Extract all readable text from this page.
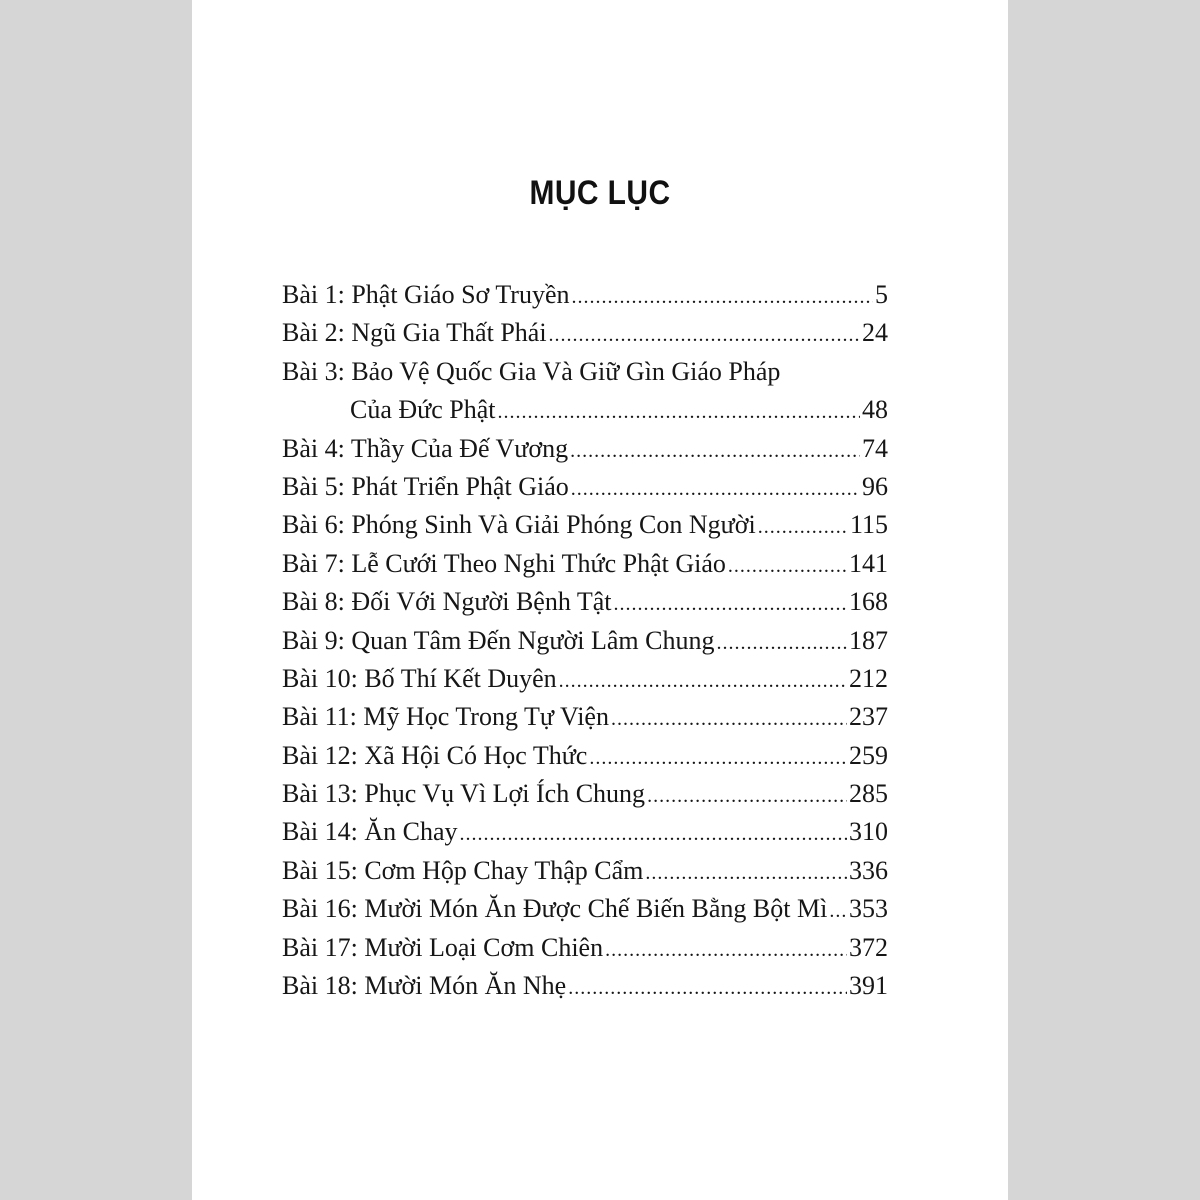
MỤC LỤC
Bài 1: Phật Giáo Sơ Truyền .....	5
Bài 2: Ngũ Gia Thất Phái .....	24
Bài 3: Bảo Vệ Quốc Gia Và Giữ Gìn Giáo Pháp
Của Đức Phật .....	48
Bài 4: Thầy Của Đế Vương .....	74
Bài 5: Phát Triển Phật Giáo .....	96
Bài 6: Phóng Sinh Và Giải Phóng Con Người .....	115
Bài 7: Lễ Cưới Theo Nghi Thức Phật Giáo .....	141
Bài 8: Đối Với Người Bệnh Tật .....	168
Bài 9: Quan Tâm Đến Người Lâm Chung .....	187
Bài 10: Bố Thí Kết Duyên .....	212
Bài 11: Mỹ Học Trong Tự Viện .....	237
Bài 12: Xã Hội Có Học Thức .....	259
Bài 13: Phục Vụ Vì Lợi Ích Chung .....	285
Bài 14: Ăn Chay .....	310
Bài 15: Cơm Hộp Chay Thập Cẩm .....	336
Bài 16: Mười Món Ăn Được Chế Biến Bằng Bột Mì ..... 353
Bài 17: Mười Loại Cơm Chiên .....	372
Bài 18: Mười Món Ăn Nhẹ .....	391
